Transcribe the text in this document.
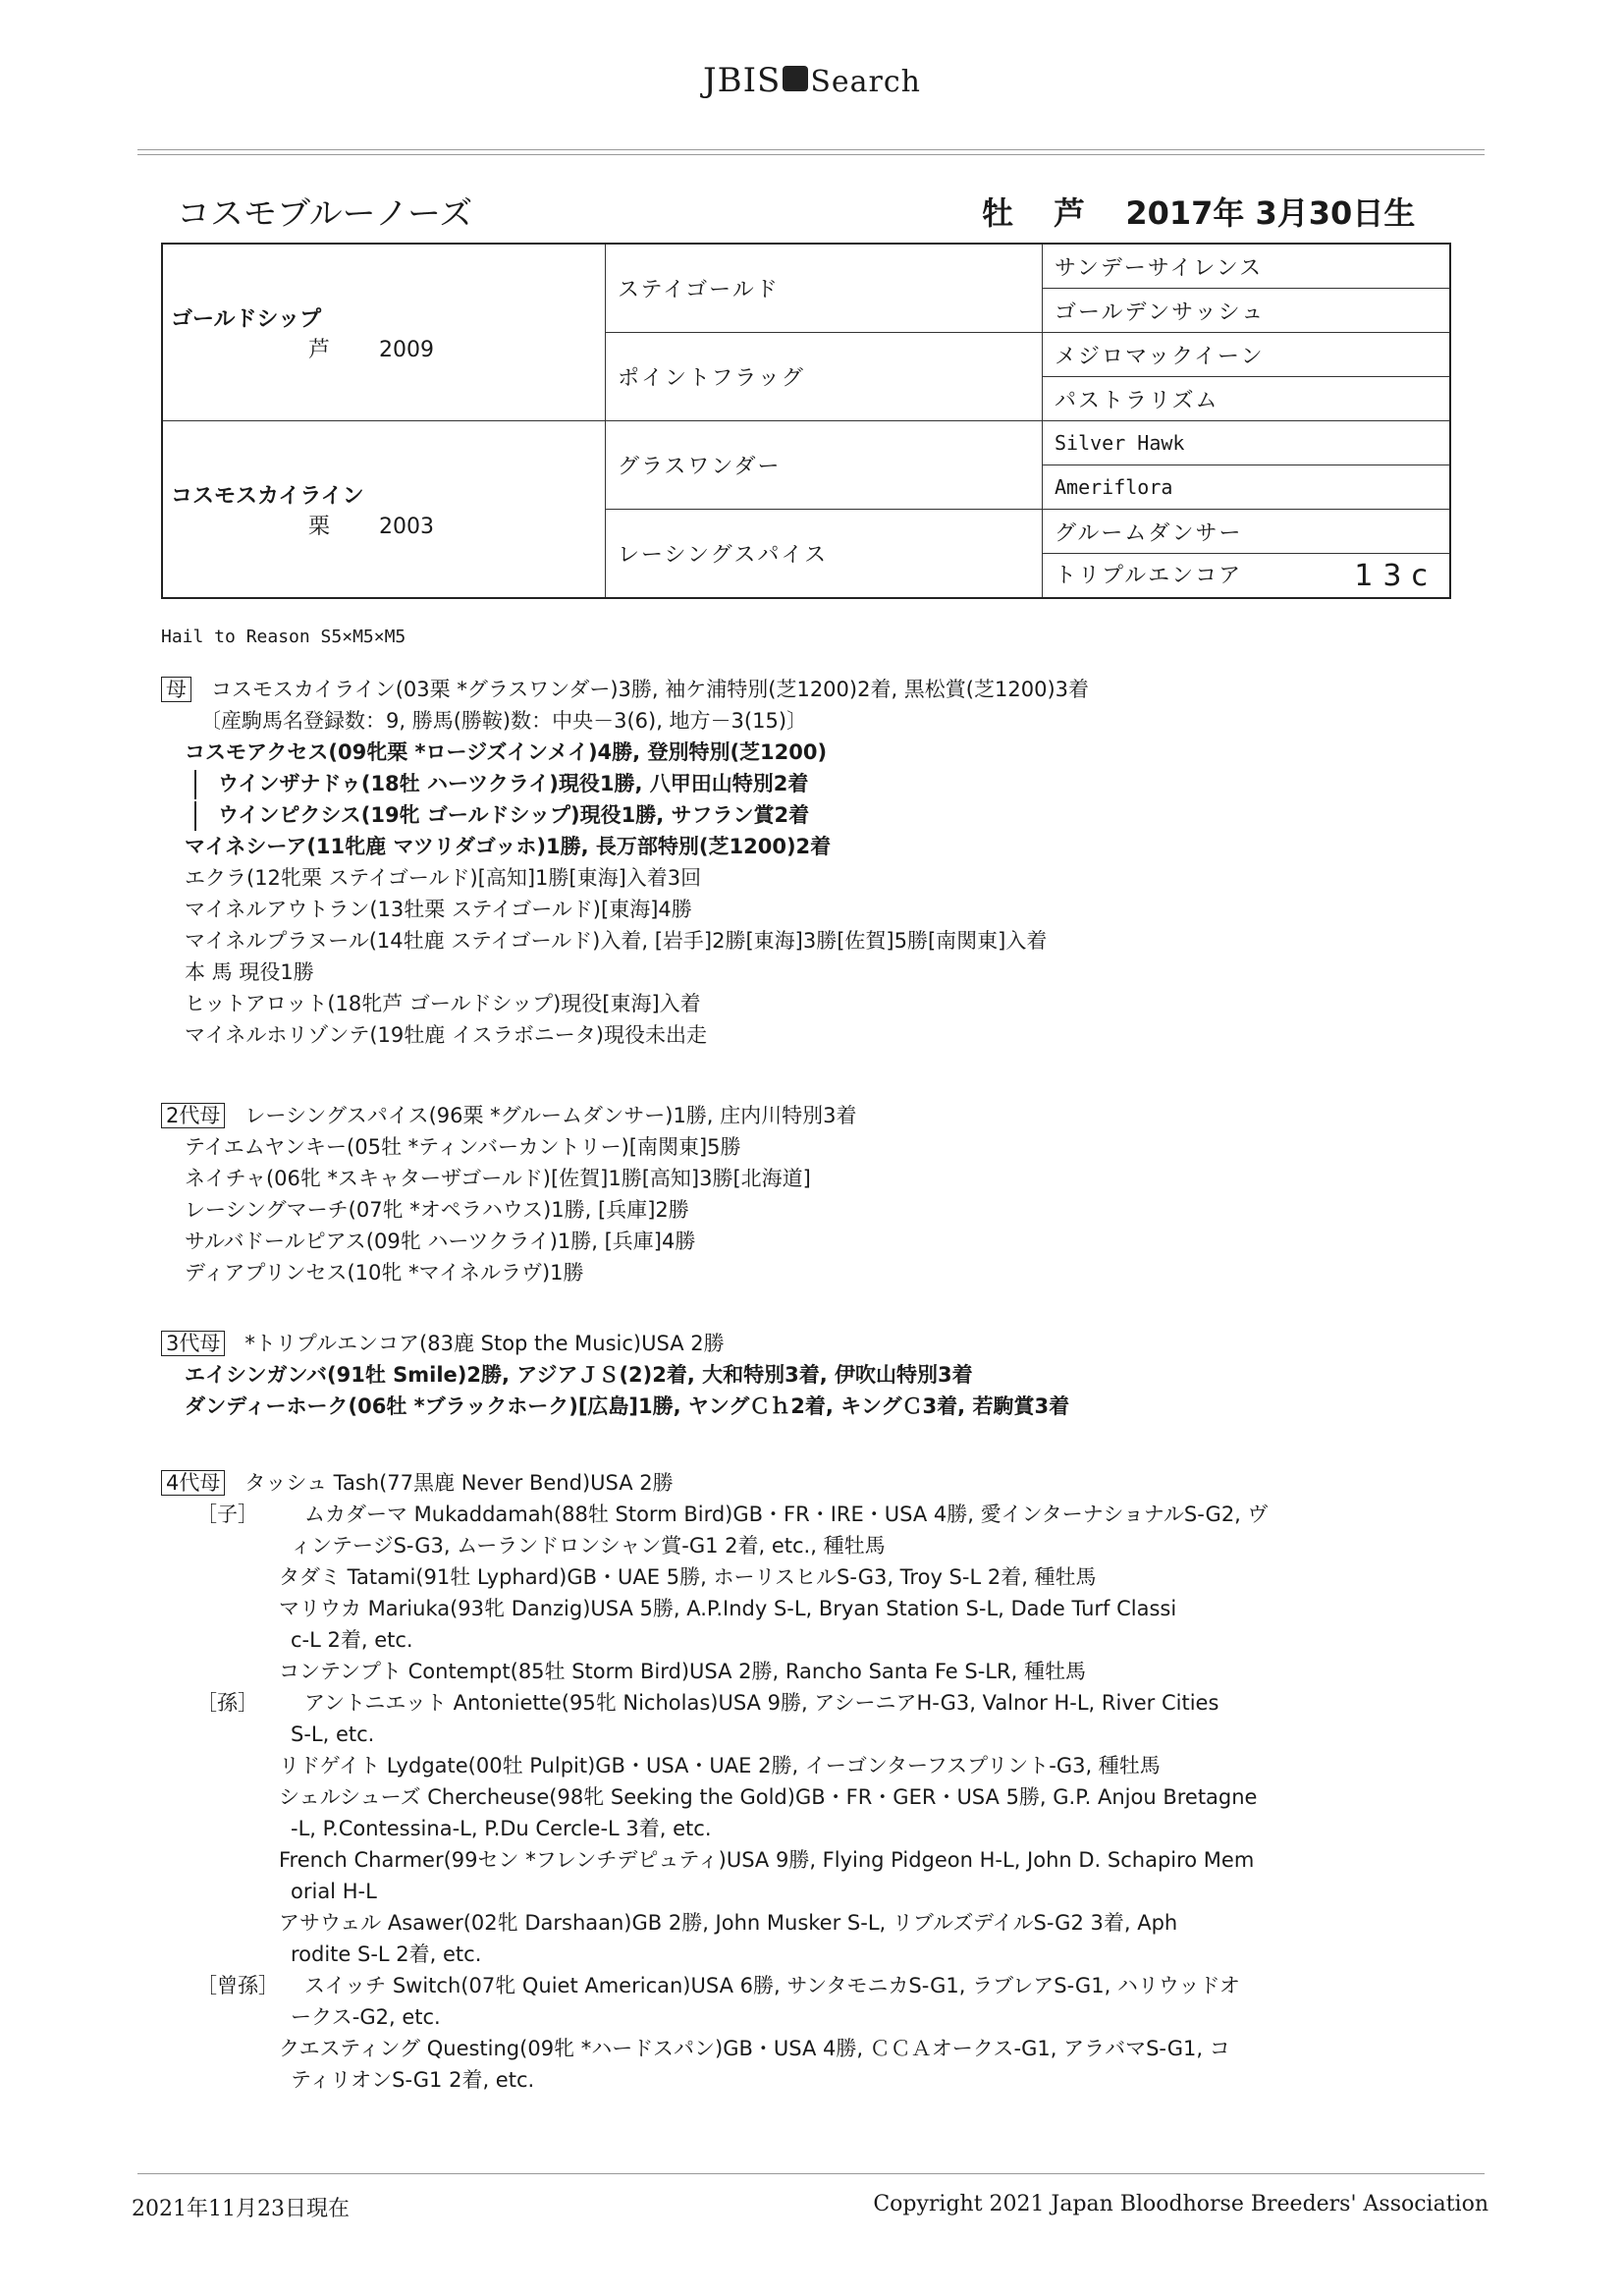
JBIS Search
コスモブルーノーズ	牡 芦 2017年 3月30日生
ゴールドシップ
芦 2009	ステイゴールド	サンデーサイレンス
		ゴールデンサッシュ
	ポイントフラッグ	メジロマックイーン
		パストラリズム

コスモスカイライン
栗 2003	グラスワンダー	Silver Hawk
		Ameriflora
	レーシングスパイス	グルームダンサー
		トリプルエンコア 13c
Hail to Reason S5×M5×M5
母 コスモスカイライン(03栗 *グラスワンダー)3勝, 袖ケ浦特別(芝1200)2着, 黒松賞(芝1200)3着
〔産駒馬名登録数：9, 勝馬(勝鞍)数：中央－3(6), 地方－3(15)〕
コスモアクセス(09牝栗 *ロージズインメイ)4勝, 登別特別(芝1200)
ウインザナドゥ(18牡 ハーツクライ)現役1勝, 八甲田山特別2着
ウインピクシス(19牝 ゴールドシップ)現役1勝, サフラン賞2着
マイネシーア(11牝鹿 マツリダゴッホ)1勝, 長万部特別(芝1200)2着
エクラ(12牝栗 ステイゴールド)[高知]1勝[東海]入着3回
マイネルアウトラン(13牡栗 ステイゴールド)[東海]4勝
マイネルプラヌール(14牡鹿 ステイゴールド)入着, [岩手]2勝[東海]3勝[佐賀]5勝[南関東]入着
本 馬 現役1勝
ヒットアロット(18牝芦 ゴールドシップ)現役[東海]入着
マイネルホリゾンテ(19牡鹿 イスラボニータ)現役未出走
2代母 レーシングスパイス(96栗 *グルームダンサー)1勝, 庄内川特別3着
テイエムヤンキー(05牡 *ティンバーカントリー)[南関東]5勝
ネイチャ(06牝 *スキャターザゴールド)[佐賀]1勝[高知]3勝[北海道]
レーシングマーチ(07牝 *オペラハウス)1勝, [兵庫]2勝
サルバドールピアス(09牝 ハーツクライ)1勝, [兵庫]4勝
ディアプリンセス(10牝 *マイネルラヴ)1勝
3代母 *トリプルエンコア(83鹿 Stop the Music)USA 2勝
エイシンガンバ(91牡 Smile)2勝, アジアＪＳ(2)2着, 大和特別3着, 伊吹山特別3着
ダンディーホーク(06牡 *ブラックホーク)[広島]1勝, ヤングＣｈ2着, キングＣ3着, 若駒賞3着
4代母 タッシュ Tash(77黒鹿 Never Bend)USA 2勝
［子］ ムカダーマ Mukaddamah(88牡 Storm Bird)GB・FR・IRE・USA 4勝, 愛インターナショナルS-G2, ヴ
ィンテージS-G3, ムーランドロンシャン賞-G1 2着, etc., 種牡馬
タダミ Tatami(91牡 Lyphard)GB・UAE 5勝, ホーリスヒルS-G3, Troy S-L 2着, 種牡馬
マリウカ Mariuka(93牝 Danzig)USA 5勝, A.P.Indy S-L, Bryan Station S-L, Dade Turf Classi
c-L 2着, etc.
コンテンプト Contempt(85牡 Storm Bird)USA 2勝, Rancho Santa Fe S-LR, 種牡馬
［孫］ アントニエット Antoniette(95牝 Nicholas)USA 9勝, アシーニアH-G3, Valnor H-L, River Cities
S-L, etc.
リドゲイト Lydgate(00牡 Pulpit)GB・USA・UAE 2勝, イーゴンターフスプリント-G3, 種牡馬
シェルシューズ Chercheuse(98牝 Seeking the Gold)GB・FR・GER・USA 5勝, G.P. Anjou Bretagne
-L, P.Contessina-L, P.Du Cercle-L 3着, etc.
French Charmer(99セン *フレンチデピュティ)USA 9勝, Flying Pidgeon H-L, John D. Schapiro Mem
orial H-L
アサウェル Asawer(02牝 Darshaan)GB 2勝, John Musker S-L, リブルズデイルS-G2 3着, Aph
rodite S-L 2着, etc.
［曾孫］ スイッチ Switch(07牝 Quiet American)USA 6勝, サンタモニカS-G1, ラブレアS-G1, ハリウッドオ
ークス-G2, etc.
クエスティング Questing(09牝 *ハードスパン)GB・USA 4勝, ＣＣＡオークス-G1, アラバマS-G1, コ
ティリオンS-G1 2着, etc.
2021年11月23日現在	Copyright 2021 Japan Bloodhorse Breeders' Association
